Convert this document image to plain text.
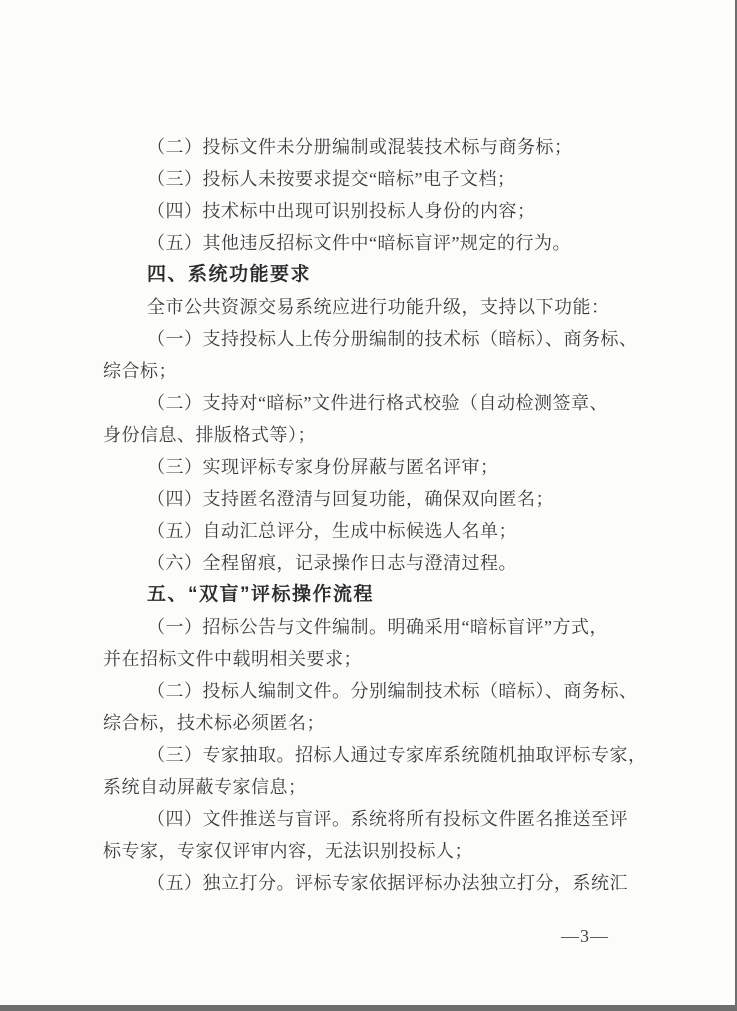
（二）投标文件未分册编制或混装技术标与商务标；
（三）投标人未按要求提交“暗标”电子文档；
（四）技术标中出现可识别投标人身份的内容；
（五）其他违反招标文件中“暗标盲评”规定的行为。
四、系统功能要求
全市公共资源交易系统应进行功能升级，支持以下功能：
（一）支持投标人上传分册编制的技术标（暗标）、商务标、
综合标；
（二）支持对“暗标”文件进行格式校验（自动检测签章、
身份信息、排版格式等）；
（三）实现评标专家身份屏蔽与匿名评审；
（四）支持匿名澄清与回复功能，确保双向匿名；
（五）自动汇总评分，生成中标候选人名单；
（六）全程留痕，记录操作日志与澄清过程。
五、“双盲”评标操作流程
（一）招标公告与文件编制。明确采用“暗标盲评”方式，
并在招标文件中载明相关要求；
（二）投标人编制文件。分别编制技术标（暗标）、商务标、
综合标，技术标必须匿名；
（三）专家抽取。招标人通过专家库系统随机抽取评标专家，
系统自动屏蔽专家信息；
（四）文件推送与盲评。系统将所有投标文件匿名推送至评
标专家，专家仅评审内容，无法识别投标人；
（五）独立打分。评标专家依据评标办法独立打分，系统汇
—3—
